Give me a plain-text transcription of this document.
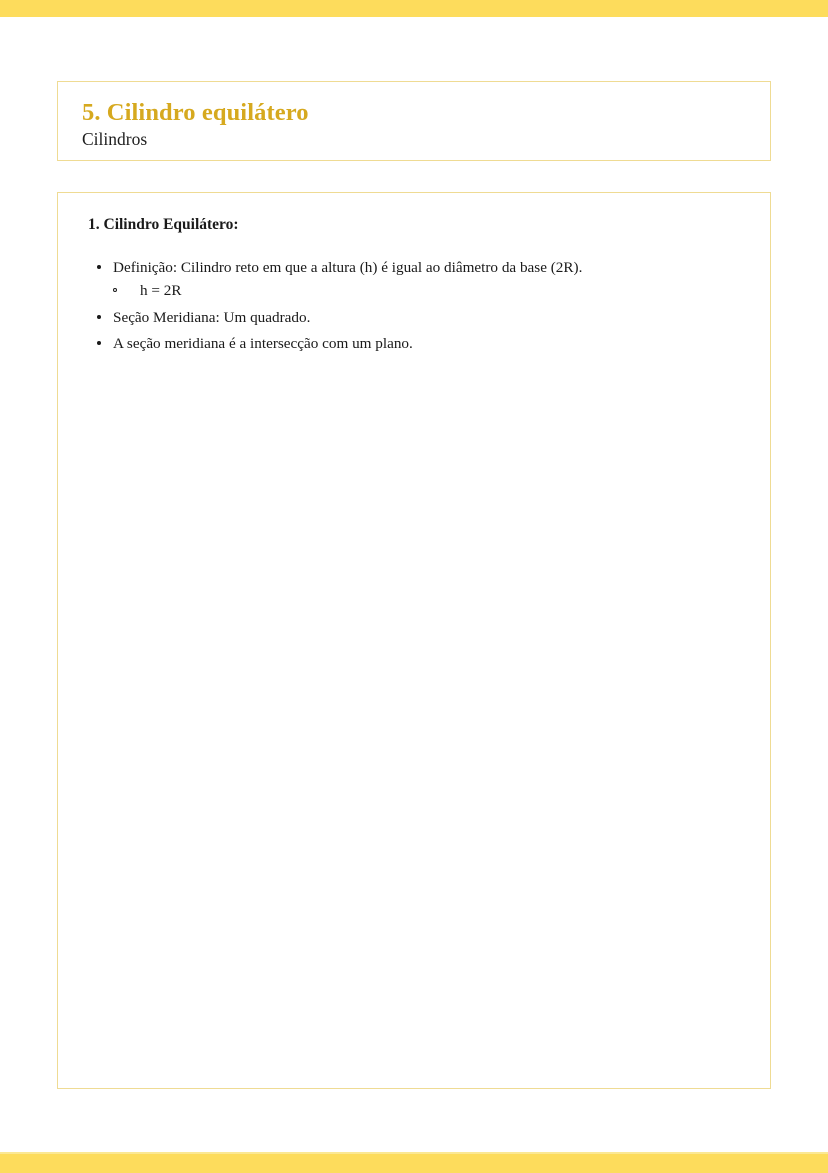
5. Cilindro equilátero
Cilindros
1. Cilindro Equilátero:
Definição: Cilindro reto em que a altura (h) é igual ao diâmetro da base (2R).
h = 2R
Seção Meridiana: Um quadrado.
A seção meridiana é a intersecção com um plano.
